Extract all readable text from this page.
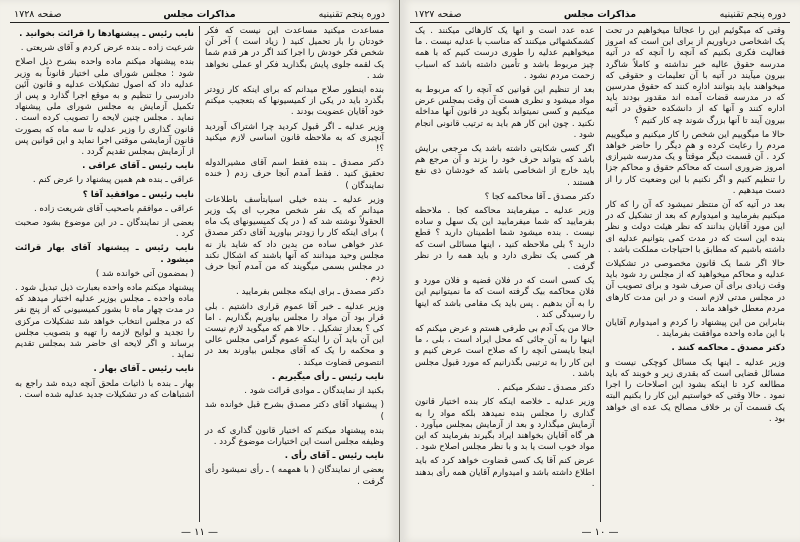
دوره پنجم تقنینیه
مذاکرات مجلس
صفحه ۱۷۲۸

مساعدت میکنید مساعدت این نیست که فکر خودتان را بار تحمیل کنید ( زیاد است ) آخر آن شخص فکر خودش را اجرا کند اگر در هر قدم شما یک لقمه جلوی پایش بگذارید فکر او عملی نخواهد شد .

بنده اینطور صلاح میدانم که برای اینکه کار زودتر بگذرد باید در یکی از کمیسیونها که بتعجیب میکنم خود آقایان عضویت بودند .

وزیر عدلیه ـ اگر قبول کردید چرا اشتراک آوردید آنچیزی که به ملاحظه قانون اساسی لازم میکنید ؟!

دکتر مصدق ـ بنده فقط اسم آقای مشیرالدوله تحقیق کنید . فقط آمدم آنجا حرف زدم ( خنده نمایندگان )

وزیر عدلیه ـ بنده خیلی اسبابتأسف باطلاعات میدانم که یک نفر شخص مجرب ای یک وزیر الحقولاً نوشته شد که ( در یک کمیسیونهای یک ماه ) برای اینکه کار را زودتر بیاورید آقای دکتر مصدق عذر خواهی ساده من بدین داد که شاید باز نه مجلس وحید میدانند که آنها باشند که اشکال نکند در مجلس بسمی میگویند که من آمدم آنجا حرف زدم .

دکتر مصدق ـ برای اینکه مجلس بفرمایید .

وزیر عدلیه ـ خبر آقا عموم قراری داشتیم . بلی قرار بود آن مواد را مجلس بیاوریم بگذاریم . اما کی ؟ بعداز تشکیل . حالا هم که میگوید لازم نیست این آن باید آن را اینکه عموم گرامی مجلس عالی و محکمه را یک که آقای مجلس بیاورند بعد در انتصوص قضاوت میکند .

نایب رئیس ـ رأی میگیریم .

بکنید از نمایندگان ـ موادی قرائت شود .

( پیشنهاد آقای دکتر مصدق بشرح قبل خوانده شد )

بنده پیشنهاد میکنم که اختیار قانون گذاری که در وظیفه مجلس است این اختیارات موضوع گردد .

نایب رئیس ـ آقای رأی .

بعضی از نمایندگان ( با همهمه ) ـ رأی نمیشود رأی گرفت .

نایب رئیس ـ پیشنهادها را قرائت بخوانید .

شرعیت زاده ـ بنده عرض کردم و آقای شریعتی .

بنده پیشنهاد میکنم ماده واحده بشرح ذیل اصلاح شود : مجلس شورای ملی اختیار قانوناً به وزیر عدلیه داد که اصول تشکیلات عدلیه و قانون آئین دادرسی را تنظیم و به موقع اجرا گذارد و پس از تکمیل آزمایش به مجلس شورای ملی پیشنهاد نماید . مجلس چنین لایحه را تصویب کرده است . قانون گذاری را وزیر عدلیه تا سه ماه که بصورت قانون آزمایشی موقتی اجرا نماید و این قوانین پس از آزمایش بمجلس تقدیم گردد .

نایب رئیس ـ آقای عراقی .

عراقی ـ بنده هم همین پیشنهاد را عرض کنم .

نایب رئیس ـ موافقید آقا ؟

عراقی ـ موافقم باصحیب آقای شریعت زاده .

بعضی از نمایندگان ـ در این موضوع بشود صحبت کرد .

نایب رئیس ـ پیشنهاد آقای بهار قرائت میشود .

( بمضمون آتی خوانده شد )

پیشنهاد میکنم ماده واحده بعبارت ذیل تبدیل شود . ماده واحده ـ مجلس بوزیر عدلیه اختیار میدهد که در مدت چهار ماه تا بشور کمیسیونی که از پنج نفر که در مجلس انتخاب خواهد شد تشکیلات مرکزی را تجدید و لوایح لازمه را تهیه و بتصویب مجلس برساند و اگر لایحه ای حاضر شد بمجلس تقدیم نماید .

نایب رئیس ـ آقای بهار .

بهار ـ بنده با ذاتیات ملحق آنچه دیده شد راجع به اشتباهات که در تشکیلات جدید عدلیه شده است .

— ۱۱ —
دوره پنجم تقنینیه
مذاکرات مجلس
صفحه ۱۷۲۷

وقتی که میگوئیم این را عجالتاً میخواهیم در تحت یک اشخاصی درباوریم از برای این است که امروز فعالیت فکری بکنیم که آنچه را آنچه که در آتیه مدرسه حقوق عالیه خبر نداشته و کاملاً شاگرد بیرون میآیند در آتیه با آن تعلیمات و حقوقی که میخواهند باید بتوانند اداره کنند که حقوق مدرسین که در مدرسه قضات آمده اند مقدور بودند باید اداره کنند و آنها که از دانشکده حقوق در آتیه بیرون آیند تا آنها بزرگ شوند چه کار کنیم ؟

حالا ما میگوییم این شخص را کار میکنیم و میگوییم مردم را رعایت کرده و هم دیگر را حاضر خواهد کرد . آن قسمت دیگر موقتاً و یک مدرسه شیرازی امروز ضروری است که محاکم حقوق و محاکم جزا را تنظیم کنیم و اگر نکنیم با این وضعیت کار را از دست میدهیم .

بعد در آتیه که آن منتظر نمیشود که آن را که کار میکنیم بفرمایید و امیدوارم که بعد از تشکیل که در این مورد آقایان بدانند که نظر هیئت دولت و نظر بنده این است که در مدت کمی بتوانیم عدلیه ای داشته باشیم که مطابق با احتیاجات مملکت باشد .

حالا اگر شما یک قانون مخصوصی در تشکیلات عدلیه و محاکم میخواهید که از مجلس رد شود باید وقت زیادی برای آن صرف شود و برای تصویب آن در مجلس مدتی لازم است و در این مدت کارهای مردم معطل خواهد ماند .

بنابراین من این پیشنهاد را کردم و امیدوارم آقایان با این ماده واحده موافقت بفرمایند .

دکتر مصدق ـ محاکمه کنند .

وزیر عدلیه ـ اینها یک مسائل کوچکی نیست و مسائل قضایی است که بقدری زیر و خوبند که باید مطالعه کرد تا اینکه بشود این اصلاحات را اجرا نمود . حالا وقتی که خواستیم این کار را بکنیم البته یک قسمت آن بر خلاف مصالح یک عده ای خواهد بود .

عده عدد است و آنها یک کارهائی میکنند . یک کشمکشهائی میکنند که مناسب با عدلیه نیست . ما میخواهیم عدلیه را طوری درست کنیم که با همه چیز مربوط باشد و تأمین داشته باشد که اسباب زحمت مردم نشود .

بعد از تنظیم این قوانین که آنچه را که مربوط به مواد میشود و نظری هست آن وقت بمجلس عرض میکنیم و کسی نمیتواند بگوید در قانون آنها مداخله نکنید . چون این کار هم باید به ترتیب قانونی انجام شود .

اگر کسی شکایتی داشته باشد یک مرجعی برایش باشد که بتواند حرف خود را بزند و آن مرجع هم باید خارج از اشخاصی باشد که خودشان ذی نفع هستند .

دکتر مصدق ـ آقا محاکمه کجا ؟

وزیر عدلیه ـ میفرمایند محاکمه کجا . ملاحظه بفرمایید که شما میفرمایید این یک سهل و ساده نیست . بنده میشود شما اطمینان دارید ؟ قطع دارید ؟ بلی ملاحظه کنید ، اینها مسائلی است که هر کسی یک نظری دارد و باید همه را در نظر گرفت .

یک کسی است که در فلان قضیه و فلان مورد و فلان محاکمه بیک گرفته است که ما نمیتوانیم این را به آن بدهیم . پس باید یک مقامی باشد که اینها را رسیدگی کند .

حالا من یک آدم بی طرفی هستم و عرض میکنم که اینها را به آن جائی که محل ایراد است ، بلی ، ما اینجا بایستی آنچه را که صلاح است عرض کنیم و این کار را به ترتیبی بگذرانیم که مورد قبول مجلس باشد .

دکتر مصدق ـ تشکر میکنم .

وزیر عدلیه ـ خلاصه اینکه کار بنده اختیار قانون گذاری را مجلس بنده نمیدهد بلکه مواد را به آزمایش میگذارد و بعد از آزمایش بمجلس میآورد . هر گاه آقایان بخواهند ایراد بگیرند بفرمایند که این مواد خوب است یا بد و با نظر مجلس اصلاح شود .

عرض کنم آقا یک کسی قضاوت خواهد کرد که باید اطلاع داشته باشد و امیدوارم آقایان همه رأی بدهند .

— ۱۰ —
